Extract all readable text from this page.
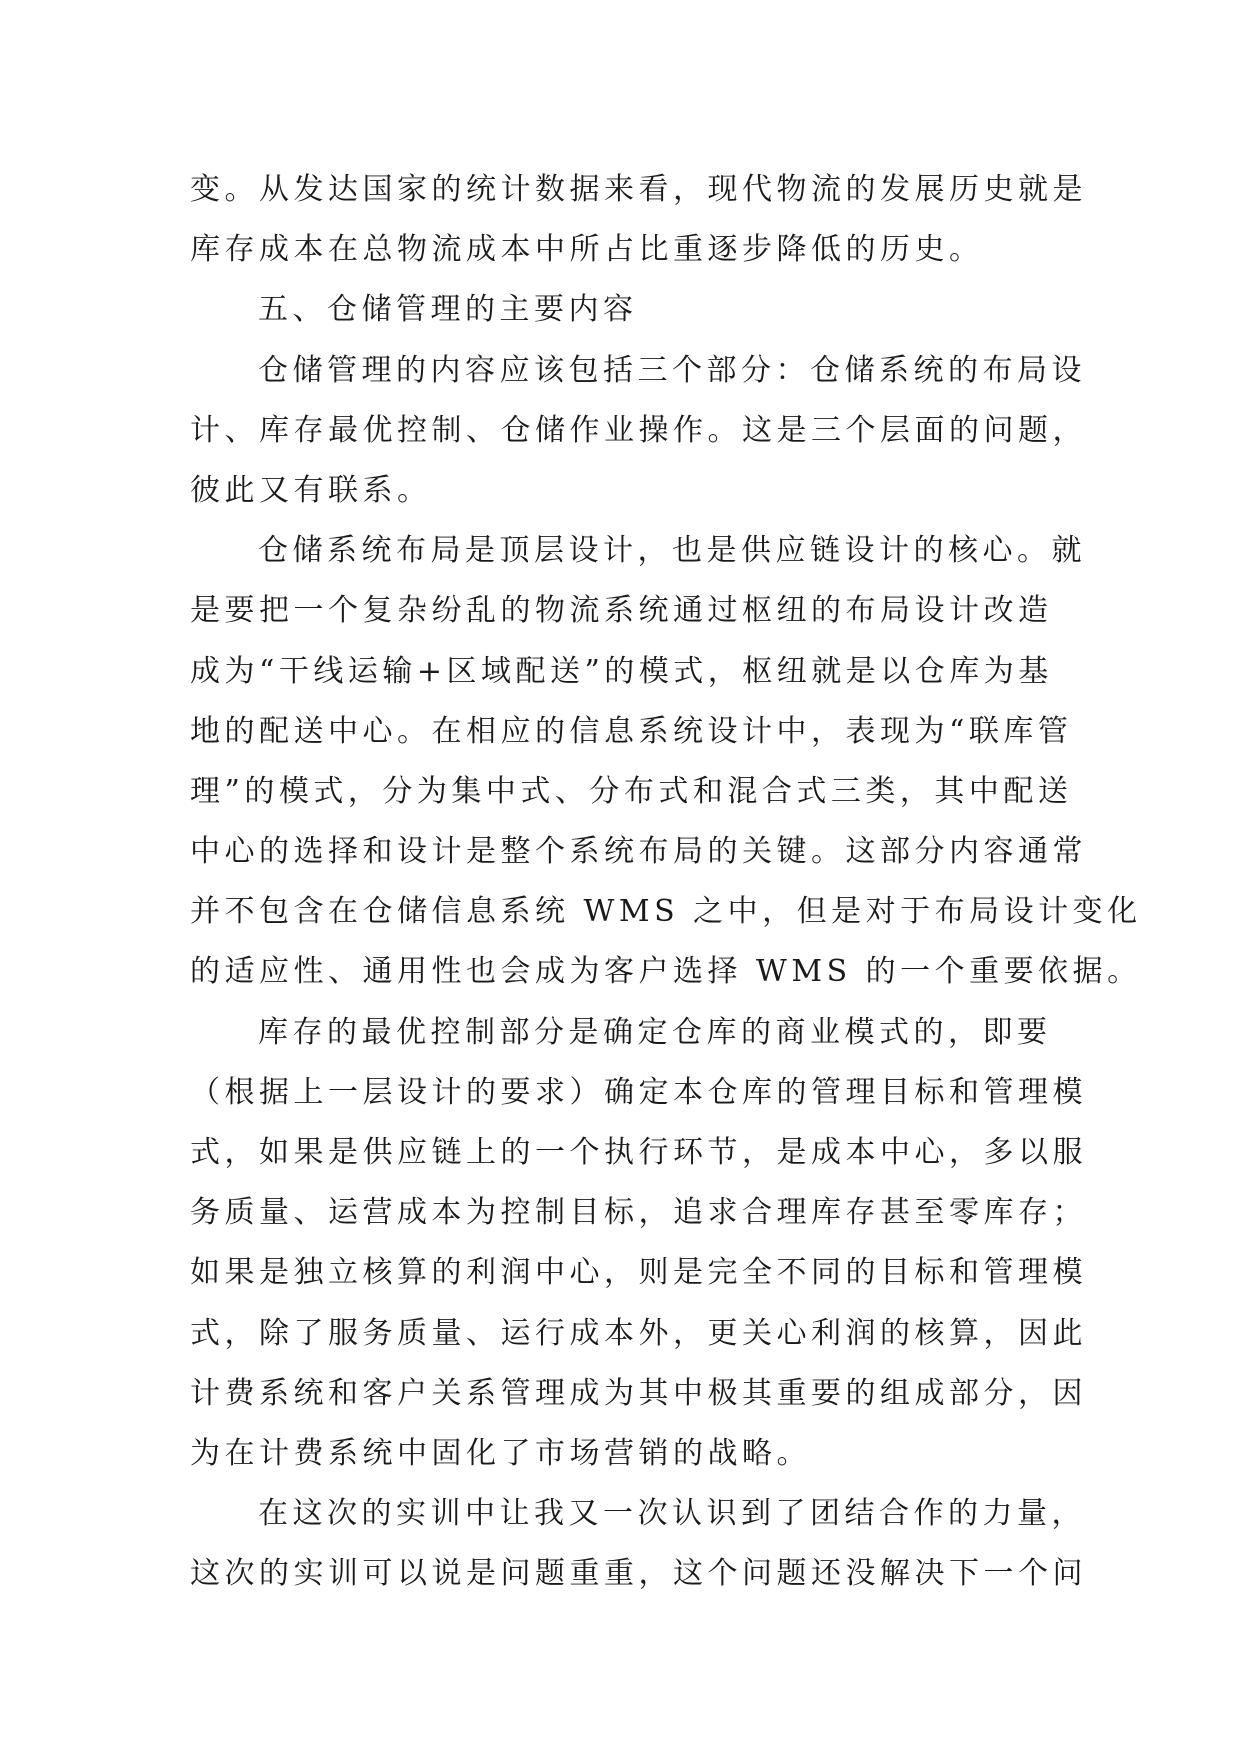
变。从发达国家的统计数据来看，现代物流的发展历史就是
库存成本在总物流成本中所占比重逐步降低的历史。
五、仓储管理的主要内容
仓储管理的内容应该包括三个部分：仓储系统的布局设
计、库存最优控制、仓储作业操作。这是三个层面的问题，
彼此又有联系。
仓储系统布局是顶层设计，也是供应链设计的核心。就
是要把一个复杂纷乱的物流系统通过枢纽的布局设计改造
成为“干线运输+区域配送”的模式，枢纽就是以仓库为基
地的配送中心。在相应的信息系统设计中，表现为“联库管
理”的模式，分为集中式、分布式和混合式三类，其中配送
中心的选择和设计是整个系统布局的关键。这部分内容通常
并不包含在仓储信息系统 WMS 之中，但是对于布局设计变化
的适应性、通用性也会成为客户选择 WMS 的一个重要依据。
库存的最优控制部分是确定仓库的商业模式的，即要
（根据上一层设计的要求）确定本仓库的管理目标和管理模
式，如果是供应链上的一个执行环节，是成本中心，多以服
务质量、运营成本为控制目标，追求合理库存甚至零库存；
如果是独立核算的利润中心，则是完全不同的目标和管理模
式，除了服务质量、运行成本外，更关心利润的核算，因此
计费系统和客户关系管理成为其中极其重要的组成部分，因
为在计费系统中固化了市场营销的战略。
在这次的实训中让我又一次认识到了团结合作的力量，
这次的实训可以说是问题重重，这个问题还没解决下一个问
